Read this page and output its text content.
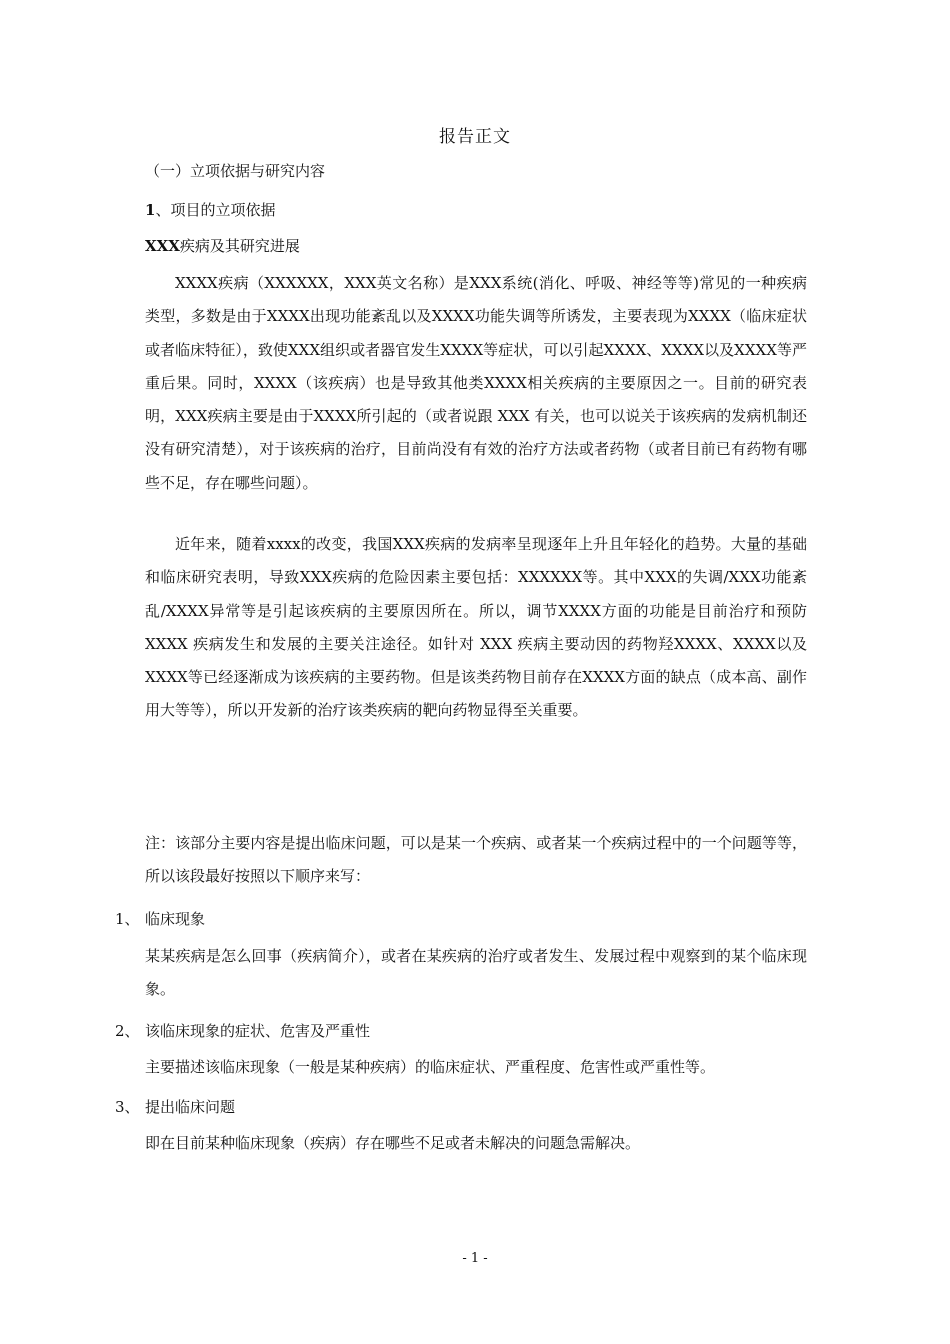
报告正文
（一）立项依据与研究内容
1、项目的立项依据
XXX疾病及其研究进展

XXXX疾病（XXXXXX，XXX英文名称）是XXX系统(消化、呼吸、神经等等)常见的一种疾病类型，多数是由于XXXX出现功能紊乱以及XXXX功能失调等所诱发，主要表现为XXXX（临床症状或者临床特征），致使XXX组织或者器官发生XXXX等症状，可以引起XXXX、XXXX以及XXXX等严重后果。同时，XXXX（该疾病）也是导致其他类XXXX相关疾病的主要原因之一。目前的研究表明，XXX疾病主要是由于XXXX所引起的（或者说跟 XXX 有关，也可以说关于该疾病的发病机制还没有研究清楚），对于该疾病的治疗，目前尚没有有效的治疗方法或者药物（或者目前已有药物有哪些不足，存在哪些问题）。

近年来，随着xxxx的改变，我国XXX疾病的发病率呈现逐年上升且年轻化的趋势。大量的基础和临床研究表明，导致XXX疾病的危险因素主要包括：XXXXXX等。其中XXX的失调/XXX功能紊乱/XXXX异常等是引起该疾病的主要原因所在。所以，调节XXXX方面的功能是目前治疗和预防 XXXX 疾病发生和发展的主要关注途径。如针对 XXX 疾病主要动因的药物羟XXXX、XXXX以及XXXX等已经逐渐成为该疾病的主要药物。但是该类药物目前存在XXXX方面的缺点（成本高、副作用大等等），所以开发新的治疗该类疾病的靶向药物显得至关重要。

注：该部分主要内容是提出临床问题，可以是某一个疾病、或者某一个疾病过程中的一个问题等等，所以该段最好按照以下顺序来写：

1、 临床现象

某某疾病是怎么回事（疾病简介），或者在某疾病的治疗或者发生、发展过程中观察到的某个临床现象。

2、 该临床现象的症状、危害及严重性

主要描述该临床现象（一般是某种疾病）的临床症状、严重程度、危害性或严重性等。

3、 提出临床问题

即在目前某种临床现象（疾病）存在哪些不足或者未解决的问题急需解决。

- 1 -
